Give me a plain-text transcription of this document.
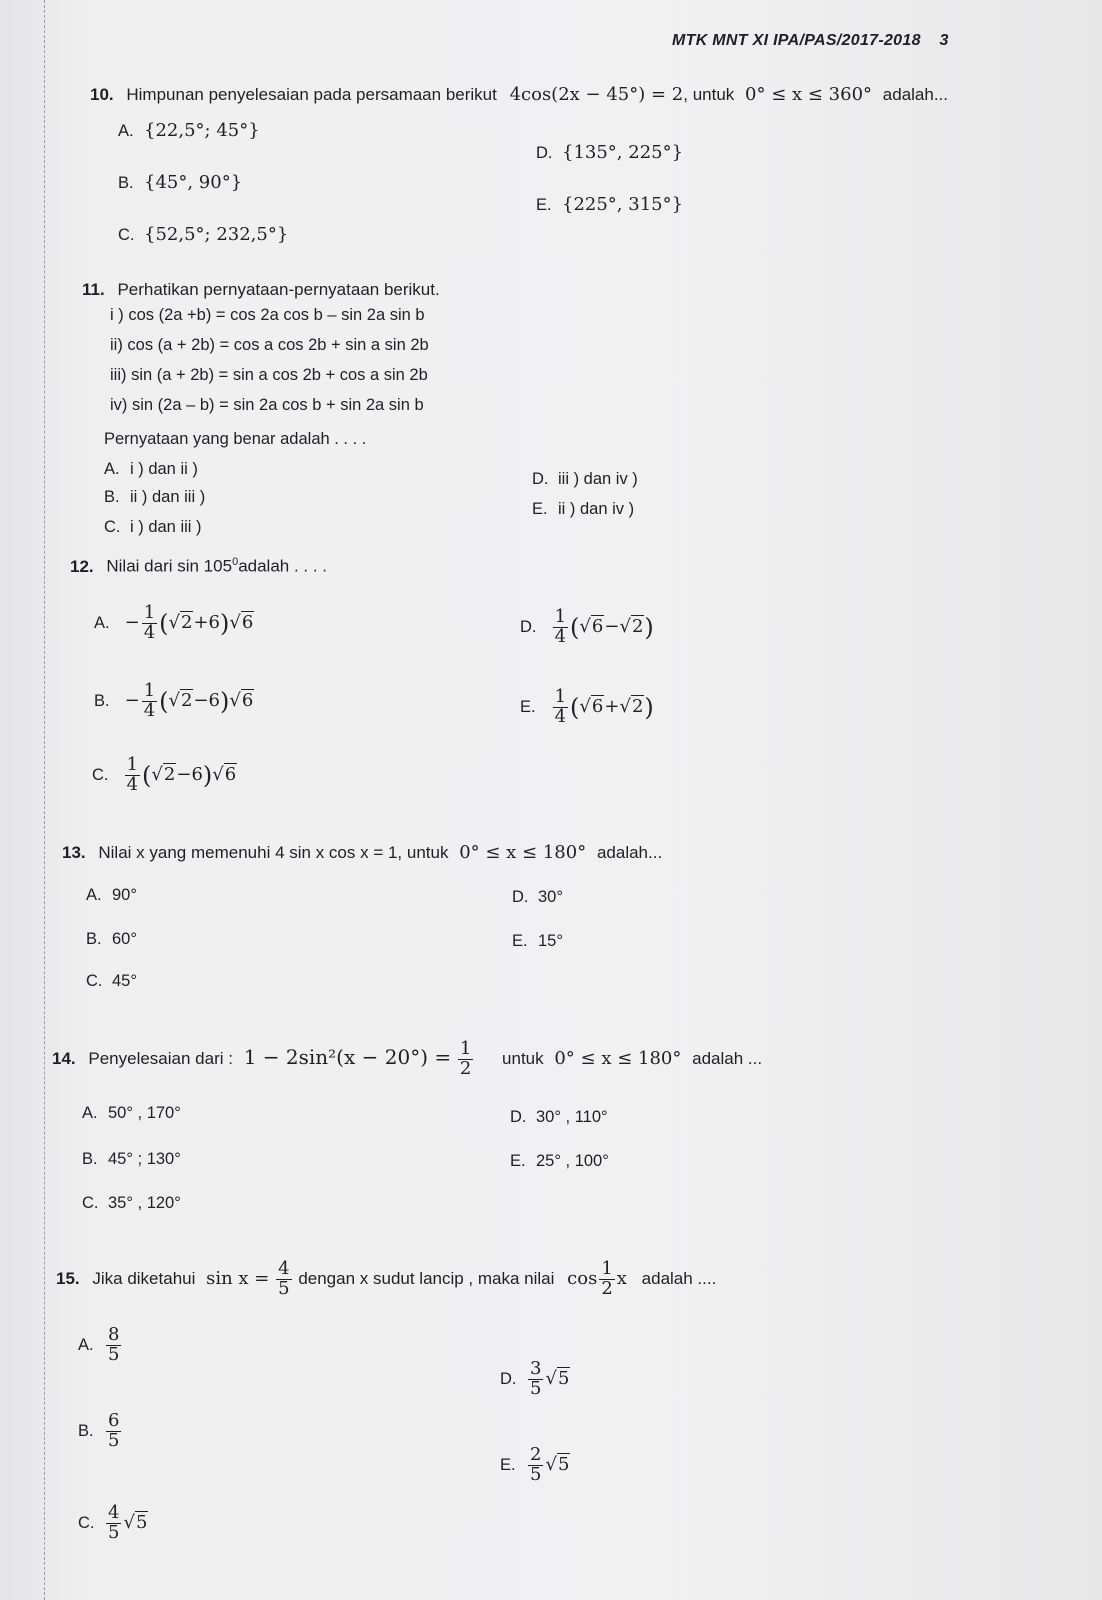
MTK MNT XI IPA/PAS/2017-2018 3
10. Himpunan penyelesaian pada persamaan berikut 4cos(2x − 45°) = 2, untuk 0° ≤ x ≤ 360° adalah...
A. {22,5°; 45°}
B. {45°, 90°}
C. {52,5°; 232,5°}
D. {135°, 225°}
E. {225°, 315°}
11. Perhatikan pernyataan-pernyataan berikut.
i ) cos (2a +b) = cos 2a cos b – sin 2a sin b
ii) cos (a + 2b) = cos a cos 2b + sin a sin 2b
iii) sin (a + 2b) = sin a cos 2b + cos a sin 2b
iv) sin (2a – b) = sin 2a cos b + sin 2a sin b
Pernyataan yang benar adalah . . . .
A. i ) dan ii )
B. ii ) dan iii )
C. i ) dan iii )
D. iii ) dan iv )
E. ii ) dan iv )
12. Nilai dari $\sin 105^0adalah$ . . . .
A. − $\frac{1}{4} (√2+6)√6$
B. − $\frac{1}{4} (√2-6)√6$
C. $\frac{1}{4} (√2-6)√6$
D. $\frac{1}{4} (√6-√2)$
E. $\frac{1}{4} (√6+√2)$
13. Nilai x yang memenuhi 4 sin x cos x = 1, untuk 0° ≤ x ≤ 180° adalah...
A. 90°
B. 60°
C. 45°
D. 30°
E. 15°
14. Penyelesaian dari : $1 - 2\sin^2(x - 20^\circ) = \frac{1}{2}$ untuk 0° ≤ x ≤ 180° adalah ...
A. 50° , 170°
B. 45° ; 130°
C. 35° , 120°
D. 30° , 110°
E. 25° , 100°
15. Jika diketahui $\sin x = \frac{4}{5}$ dengan x sudut lancip , maka nilai $\cos \frac{1}{2}$ x adalah ....
A. $\frac{8}{5}$
B. $\frac{6}{5}$
C. $\frac{4}{5} √5$
D. $\frac{3}{5} √5$
E. $\frac{2}{5} √5$
